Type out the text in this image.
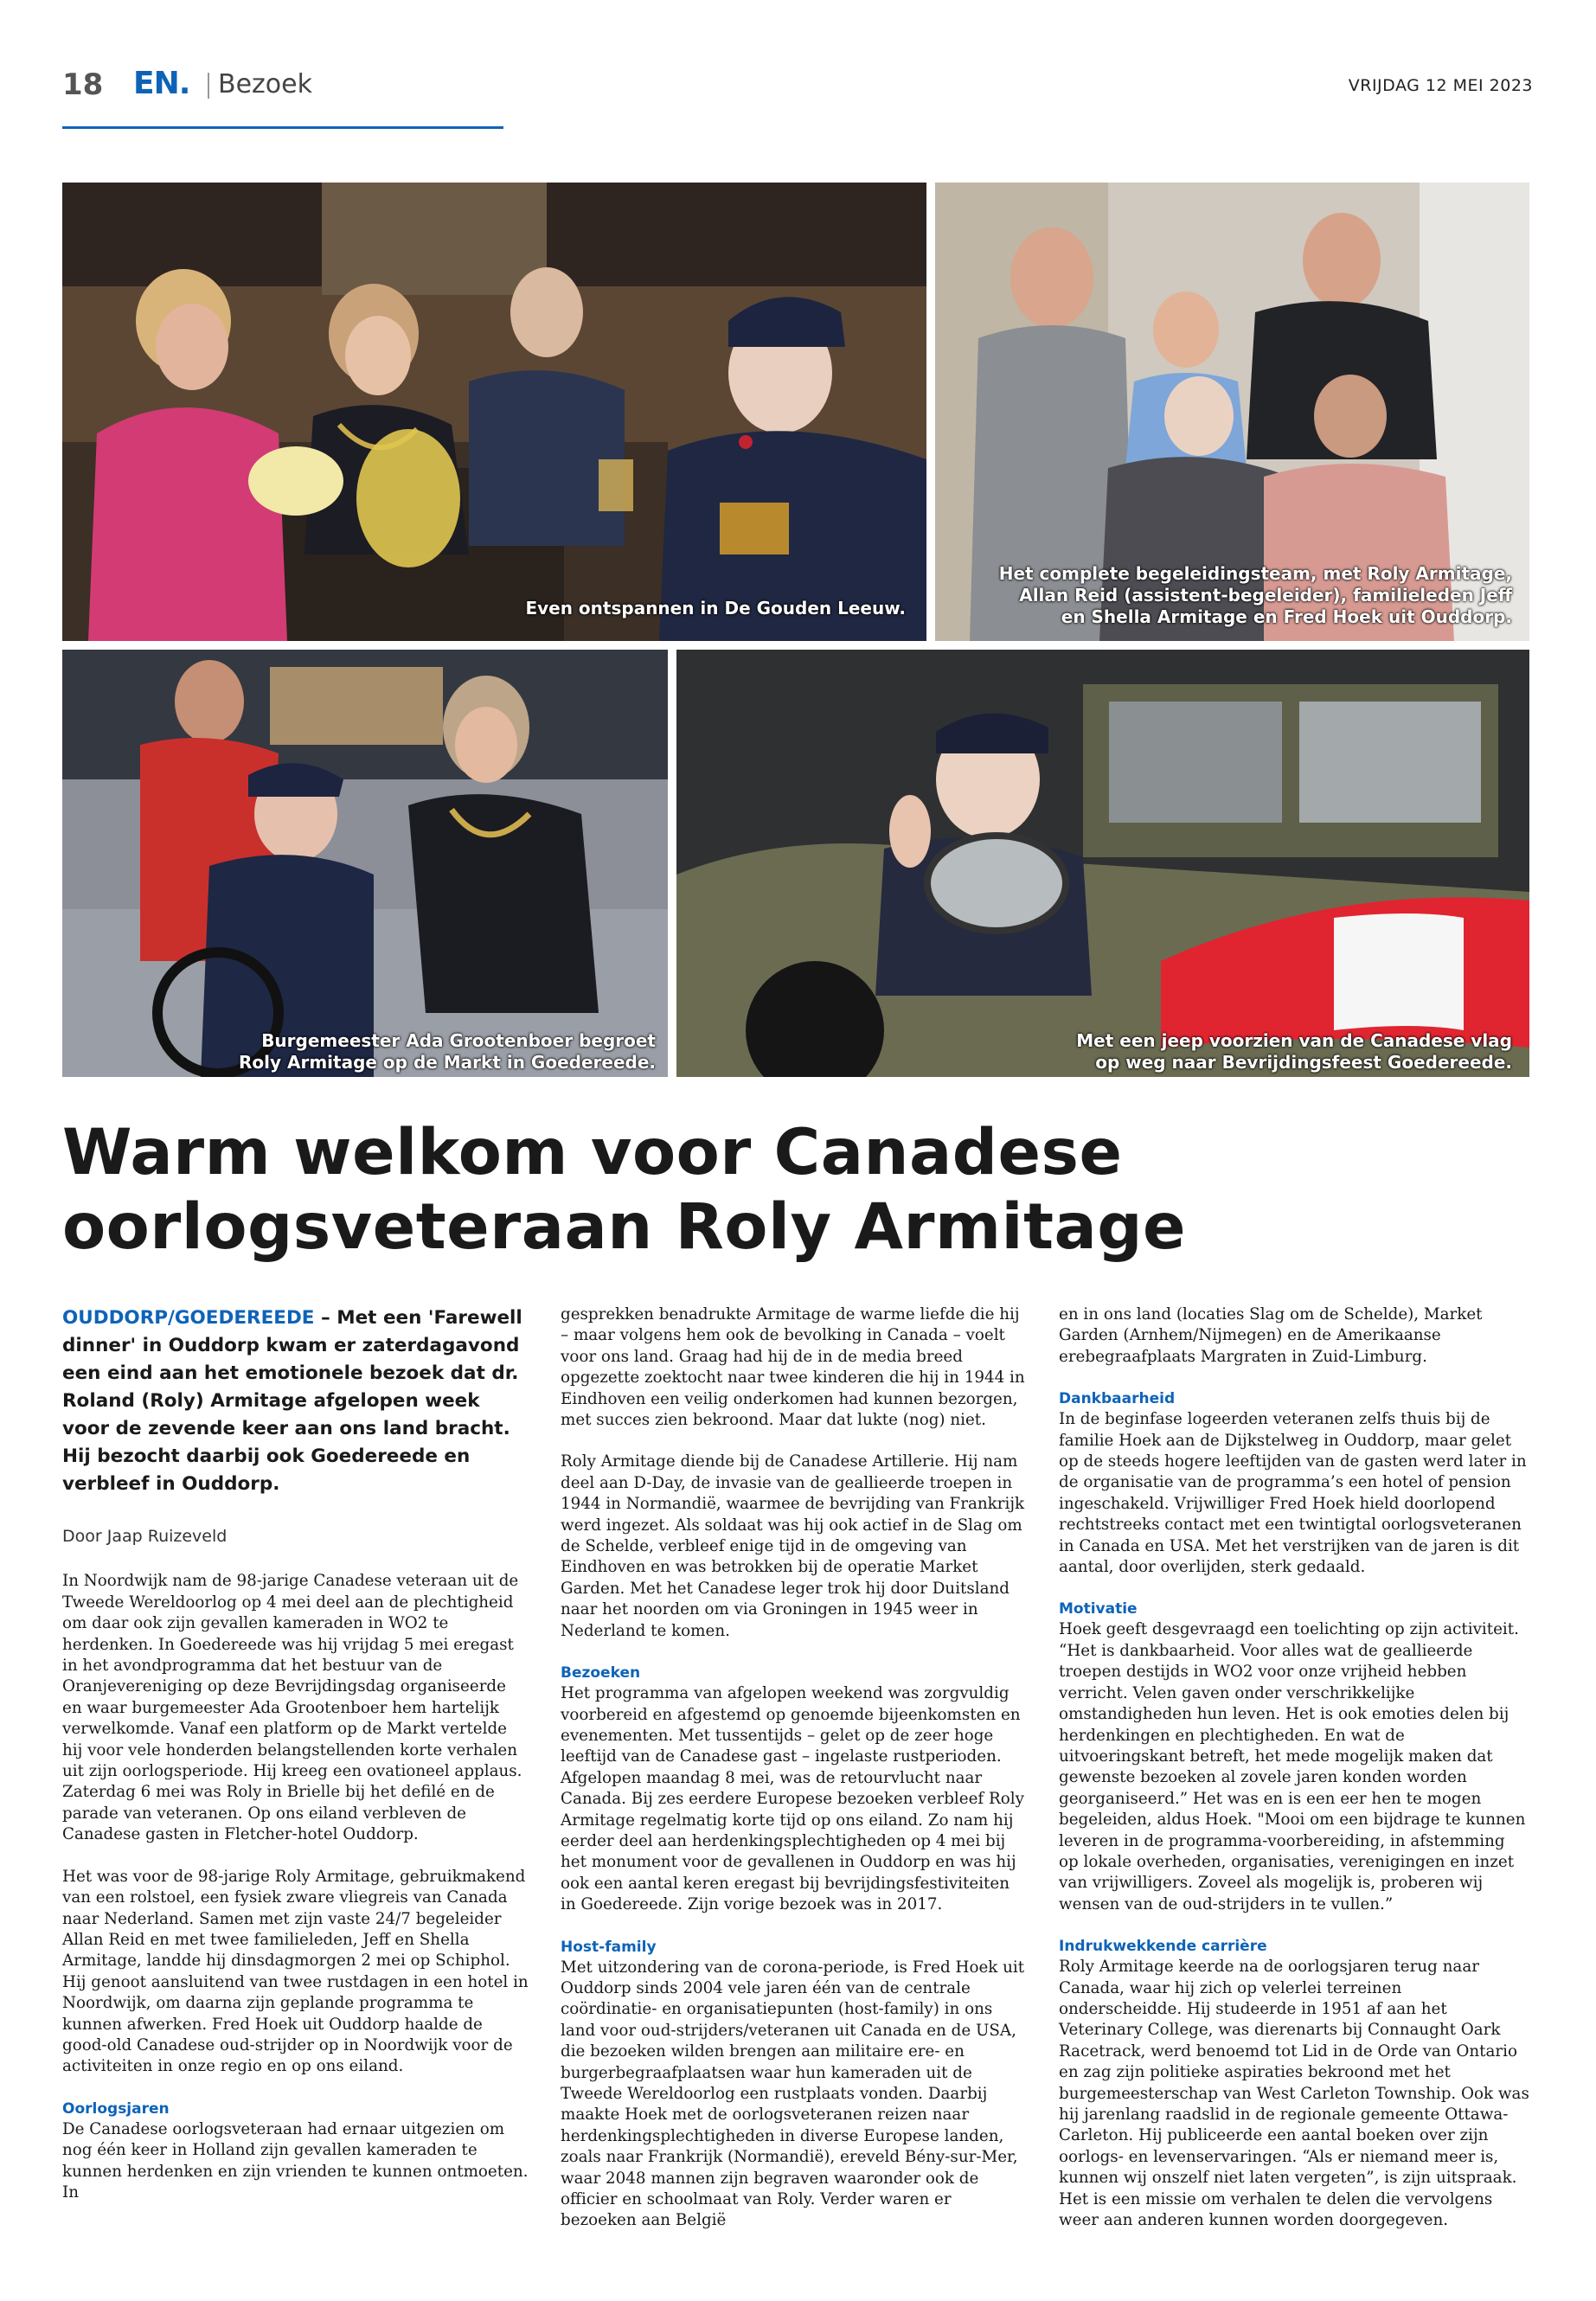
18 EN. Bezoek	VRIJDAG 12 MEI 2023
Even ontspannen in De Gouden Leeuw.
Het complete begeleidingsteam, met Roly Armitage,
Allan Reid (assistent-begeleider), familieleden Jeff
en Shella Armitage en Fred Hoek uit Ouddorp.
Burgemeester Ada Grootenboer begroet
Roly Armitage op de Markt in Goedereede.
Met een jeep voorzien van de Canadese vlag
op weg naar Bevrijdingsfeest Goedereede.
Warm welkom voor Canadese
oorlogsveteraan Roly Armitage
OUDDORP/GOEDEREEDE – Met een 'Farewell dinner' in Ouddorp kwam er zaterdagavond een eind aan het emotionele bezoek dat dr. Roland (Roly) Armitage afgelopen week voor de zevende keer aan ons land bracht. Hij bezocht daarbij ook Goedereede en verbleef in Ouddorp.
Door Jaap Ruizeveld

In Noordwijk nam de 98-jarige Canadese veteraan uit de Tweede Wereldoorlog op 4 mei deel aan de plechtigheid om daar ook zijn gevallen kameraden in WO2 te herdenken. In Goedereede was hij vrijdag 5 mei eregast in het avondprogramma dat het bestuur van de Oranjevereniging op deze Bevrijdingsdag organiseerde en waar burgemeester Ada Grootenboer hem hartelijk verwelkomde. Vanaf een platform op de Markt vertelde hij voor vele honderden belangstellenden korte verhalen uit zijn oorlogsperiode. Hij kreeg een ovationeel applaus. Zaterdag 6 mei was Roly in Brielle bij het defilé en de parade van veteranen. Op ons eiland verbleven de Canadese gasten in Fletcher-hotel Ouddorp.

Het was voor de 98-jarige Roly Armitage, gebruikmakend van een rolstoel, een fysiek zware vliegreis van Canada naar Nederland. Samen met zijn vaste 24/7 begeleider Allan Reid en met twee familieleden, Jeff en Shella Armitage, landde hij dinsdagmorgen 2 mei op Schiphol. Hij genoot aansluitend van twee rustdagen in een hotel in Noordwijk, om daarna zijn geplande programma te kunnen afwerken. Fred Hoek uit Ouddorp haalde de good-old Canadese oud-strijder op in Noordwijk voor de activiteiten in onze regio en op ons eiland.

Oorlogsjaren

De Canadese oorlogsveteraan had ernaar uitgezien om nog één keer in Holland zijn gevallen kameraden te kunnen herdenken en zijn vrienden te kunnen ontmoeten. In

gesprekken benadrukte Armitage de warme liefde die hij – maar volgens hem ook de bevolking in Canada – voelt voor ons land. Graag had hij de in de media breed opgezette zoektocht naar twee kinderen die hij in 1944 in Eindhoven een veilig onderkomen had kunnen bezorgen, met succes zien bekroond. Maar dat lukte (nog) niet.

Roly Armitage diende bij de Canadese Artillerie. Hij nam deel aan D-Day, de invasie van de geallieerde troepen in 1944 in Normandië, waarmee de bevrijding van Frankrijk werd ingezet. Als soldaat was hij ook actief in de Slag om de Schelde, verbleef enige tijd in de omgeving van Eindhoven en was betrokken bij de operatie Market Garden. Met het Canadese leger trok hij door Duitsland naar het noorden om via Groningen in 1945 weer in Nederland te komen.

Bezoeken

Het programma van afgelopen weekend was zorgvuldig voorbereid en afgestemd op genoemde bijeenkomsten en evenementen. Met tussentijds – gelet op de zeer hoge leeftijd van de Canadese gast – ingelaste rustperioden. Afgelopen maandag 8 mei, was de retourvlucht naar Canada. Bij zes eerdere Europese bezoeken verbleef Roly Armitage regelmatig korte tijd op ons eiland. Zo nam hij eerder deel aan herdenkingsplechtigheden op 4 mei bij het monument voor de gevallenen in Ouddorp en was hij ook een aantal keren eregast bij bevrijdingsfestiviteiten in Goedereede. Zijn vorige bezoek was in 2017.

Host-family

Met uitzondering van de corona-periode, is Fred Hoek uit Ouddorp sinds 2004 vele jaren één van de centrale coördinatie- en organisatiepunten (host-family) in ons land voor oud-strijders/veteranen uit Canada en de USA, die bezoeken wilden brengen aan militaire ere- en burgerbegraafplaatsen waar hun kameraden uit de Tweede Wereldoorlog een rustplaats vonden. Daarbij maakte Hoek met de oorlogsveteranen reizen naar herdenkingsplechtigheden in diverse Europese landen, zoals naar Frankrijk (Normandië), ereveld Bény-sur-Mer, waar 2048 mannen zijn begraven waaronder ook de officier en schoolmaat van Roly. Verder waren er bezoeken aan België

en in ons land (locaties Slag om de Schelde), Market Garden (Arnhem/Nijmegen) en de Amerikaanse erebegraafplaats Margraten in Zuid-Limburg.

Dankbaarheid

In de beginfase logeerden veteranen zelfs thuis bij de familie Hoek aan de Dijkstelweg in Ouddorp, maar gelet op de steeds hogere leeftijden van de gasten werd later in de organisatie van de programma’s een hotel of pension ingeschakeld. Vrijwilliger Fred Hoek hield doorlopend rechtstreeks contact met een twintigtal oorlogsveteranen in Canada en USA. Met het verstrijken van de jaren is dit aantal, door overlijden, sterk gedaald.

Motivatie

Hoek geeft desgevraagd een toelichting op zijn activiteit. “Het is dankbaarheid. Voor alles wat de geallieerde troepen destijds in WO2 voor onze vrijheid hebben verricht. Velen gaven onder verschrikkelijke omstandigheden hun leven. Het is ook emoties delen bij herdenkingen en plechtigheden. En wat de uitvoeringskant betreft, het mede mogelijk maken dat gewenste bezoeken al zovele jaren konden worden georganiseerd.” Het was en is een eer hen te mogen begeleiden, aldus Hoek. "Mooi om een bijdrage te kunnen leveren in de programma-voorbereiding, in afstemming op lokale overheden, organisaties, verenigingen en inzet van vrijwilligers. Zoveel als mogelijk is, proberen wij wensen van de oud-strijders in te vullen.”

Indrukwekkende carrière

Roly Armitage keerde na de oorlogsjaren terug naar Canada, waar hij zich op velerlei terreinen onderscheidde. Hij studeerde in 1951 af aan het Veterinary College, was dierenarts bij Connaught Oark Racetrack, werd benoemd tot Lid in de Orde van Ontario en zag zijn politieke aspiraties bekroond met het burgemeesterschap van West Carleton Township. Ook was hij jarenlang raadslid in de regionale gemeente Ottawa-Carleton. Hij publiceerde een aantal boeken over zijn oorlogs- en levenservaringen. “Als er niemand meer is, kunnen wij onszelf niet laten vergeten”, is zijn uitspraak. Het is een missie om verhalen te delen die vervolgens weer aan anderen kunnen worden doorgegeven.
